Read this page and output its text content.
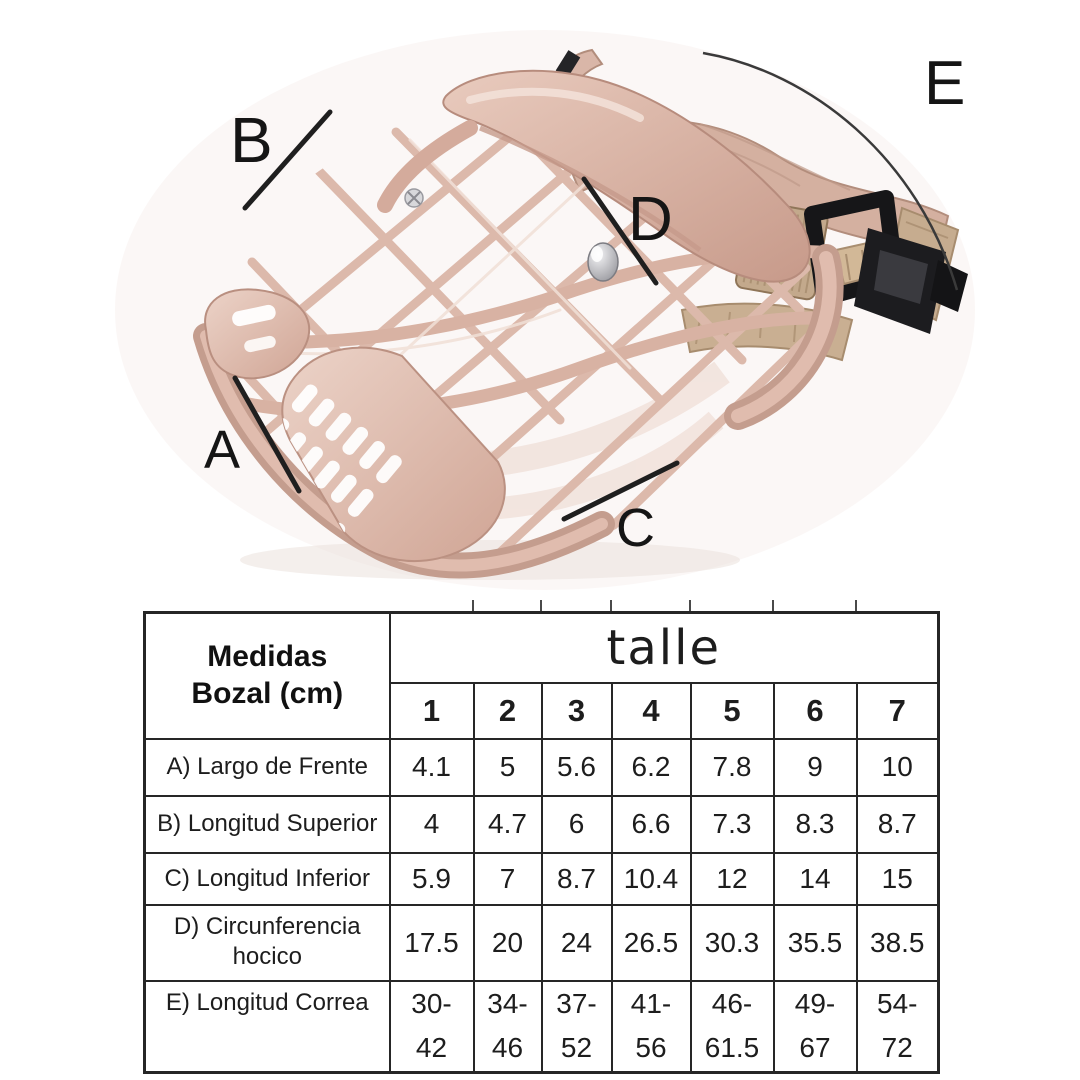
A
B
C
D
E
Medidas
Bozal (cm)	talle						
	1	2	3	4	5	6	7
A) Largo de Frente	4.1	5	5.6	6.2	7.8	9	10
B) Longitud Superior	4	4.7	6	6.6	7.3	8.3	8.7
C) Longitud Inferior	5.9	7	8.7	10.4	12	14	15
D) Circunferencia hocico	17.5	20	24	26.5	30.3	35.5	38.5
E) Longitud Correa	30-42	34-46	37-52	41-56	46-61.5	49-67	54-72
